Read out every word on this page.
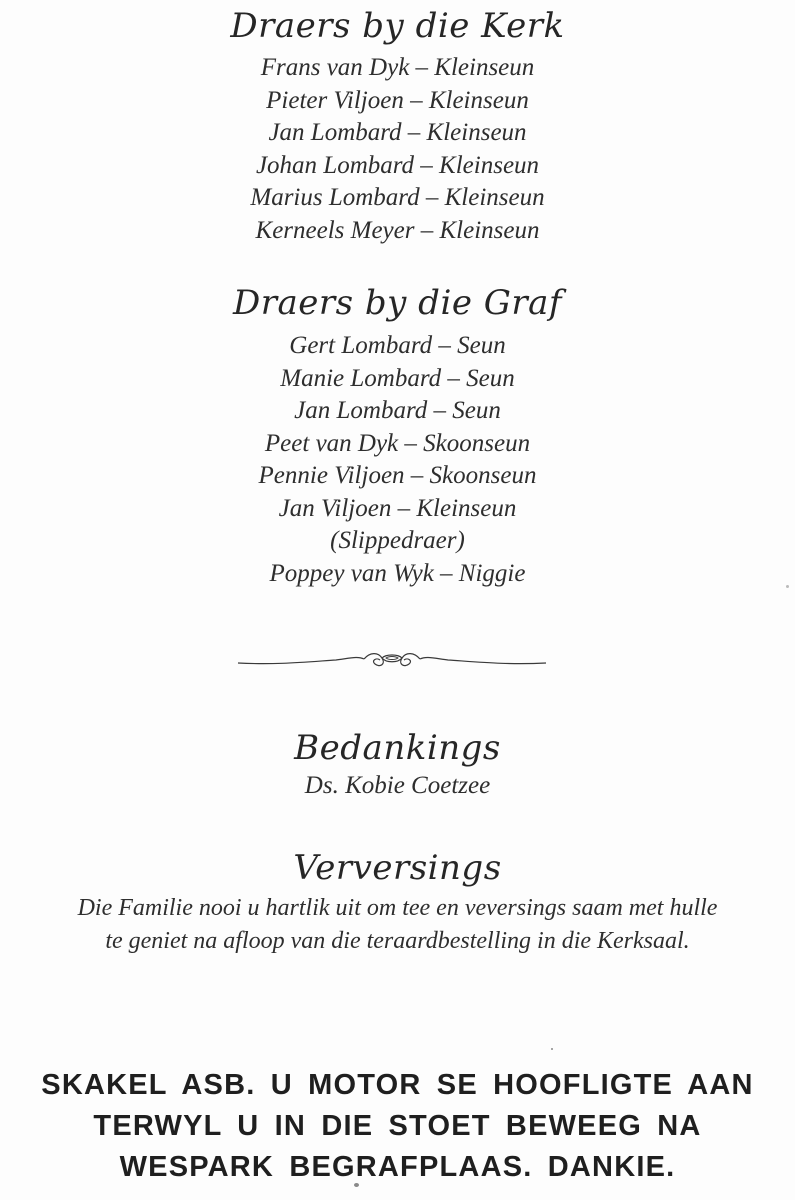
Draers by die Kerk
Frans van Dyk – Kleinseun
Pieter Viljoen – Kleinseun
Jan Lombard – Kleinseun
Johan Lombard – Kleinseun
Marius Lombard – Kleinseun
Kerneels Meyer – Kleinseun
Draers by die Graf
Gert Lombard – Seun
Manie Lombard – Seun
Jan Lombard – Seun
Peet van Dyk – Skoonseun
Pennie Viljoen – Skoonseun
Jan Viljoen – Kleinseun
(Slippedraer)
Poppey van Wyk – Niggie
Bedankings
Ds. Kobie Coetzee
Verversings
Die Familie nooi u hartlik uit om tee en veversings saam met hulle
te geniet na afloop van die teraardbestelling in die Kerksaal.
SKAKEL ASB. U MOTOR SE HOOFLIGTE AAN
TERWYL U IN DIE STOET BEWEEG NA
WESPARK BEGRAFPLAAS. DANKIE.
